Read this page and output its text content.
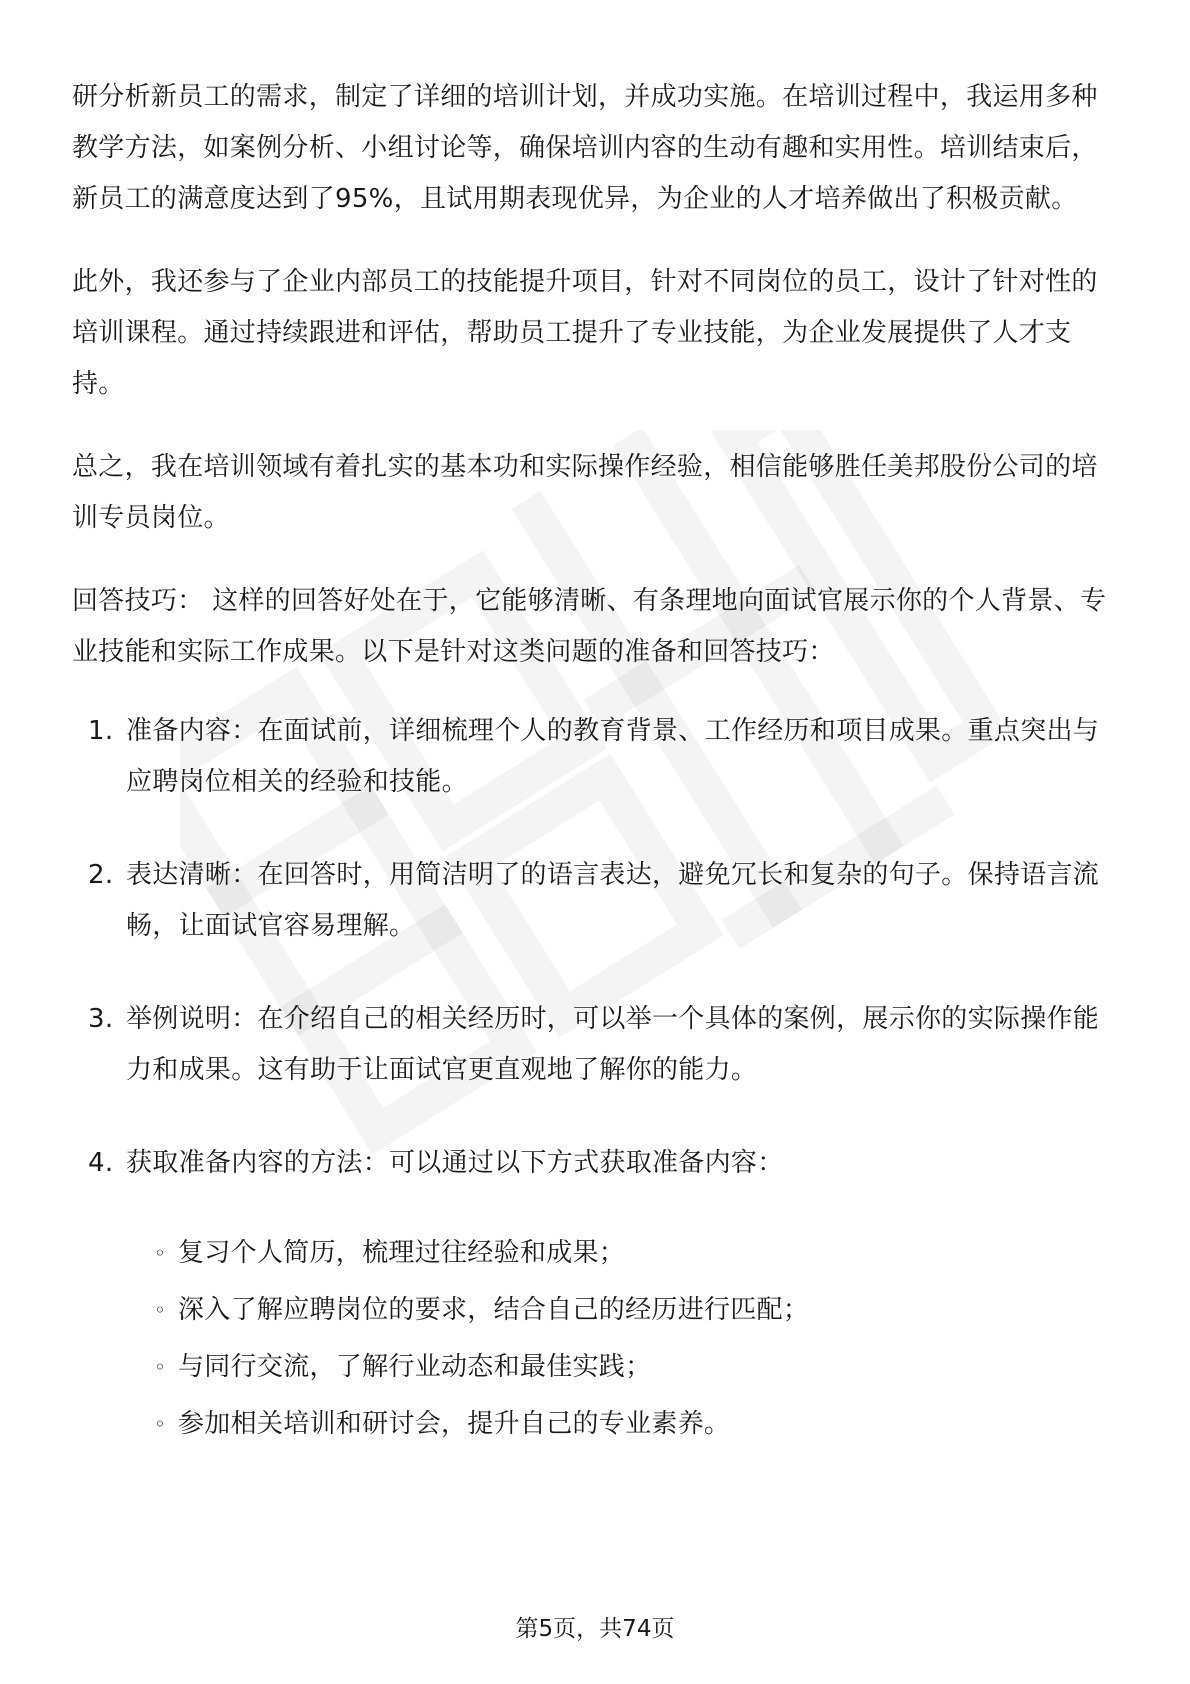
研分析新员工的需求，制定了详细的培训计划，并成功实施。在培训过程中，我运用多种教学方法，如案例分析、小组讨论等，确保培训内容的生动有趣和实用性。培训结束后，新员工的满意度达到了95%，且试用期表现优异，为企业的人才培养做出了积极贡献。

此外，我还参与了企业内部员工的技能提升项目，针对不同岗位的员工，设计了针对性的培训课程。通过持续跟进和评估，帮助员工提升了专业技能，为企业发展提供了人才支持。

总之，我在培训领域有着扎实的基本功和实际操作经验，相信能够胜任美邦股份公司的培训专员岗位。

回答技巧： 这样的回答好处在于，它能够清晰、有条理地向面试官展示你的个人背景、专业技能和实际工作成果。以下是针对这类问题的准备和回答技巧：

1. 准备内容：在面试前，详细梳理个人的教育背景、工作经历和项目成果。重点突出与应聘岗位相关的经验和技能。
2. 表达清晰：在回答时，用简洁明了的语言表达，避免冗长和复杂的句子。保持语言流畅，让面试官容易理解。
3. 举例说明：在介绍自己的相关经历时，可以举一个具体的案例，展示你的实际操作能力和成果。这有助于让面试官更直观地了解你的能力。
4. 获取准备内容的方法：可以通过以下方式获取准备内容：
◦ 复习个人简历，梳理过往经验和成果；
◦ 深入了解应聘岗位的要求，结合自己的经历进行匹配；
◦ 与同行交流，了解行业动态和最佳实践；
◦ 参加相关培训和研讨会，提升自己的专业素养。
第5页，共74页
